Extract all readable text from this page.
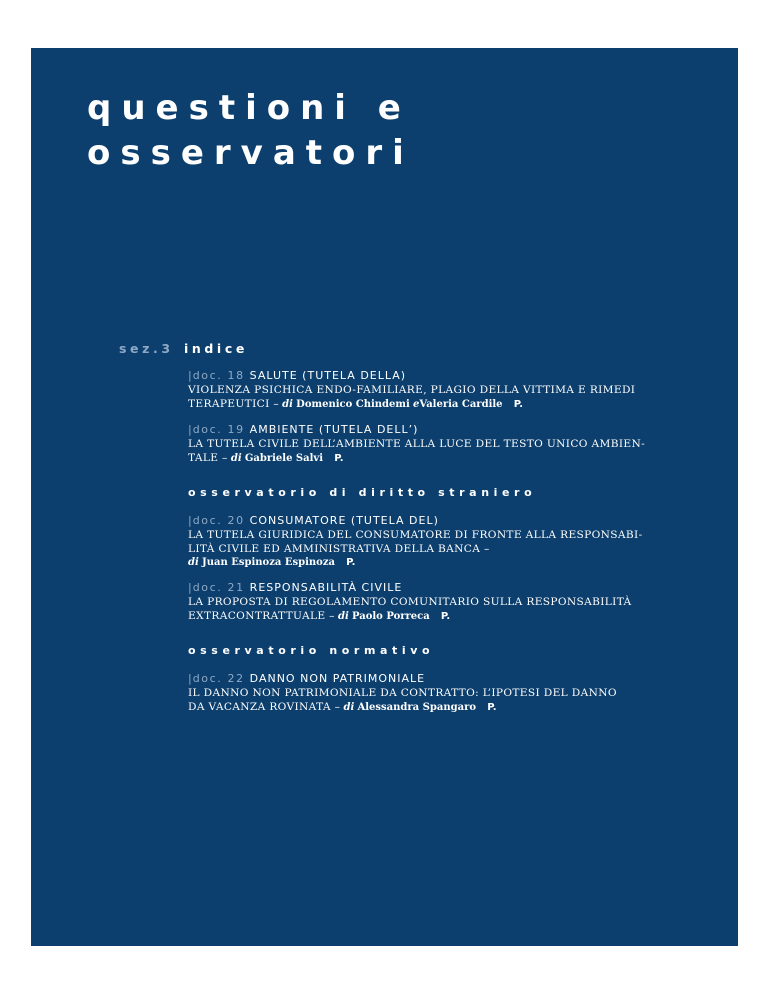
questioni e
osservatori
sez.3 indice
|doc. 18 SALUTE (TUTELA DELLA)

VIOLENZA PSICHICA ENDO-FAMILIARE, PLAGIO DELLA VITTIMA E RIMEDI

TERAPEUTICI – di Domenico Chindemi eValeria Cardile P.

|doc. 19 AMBIENTE (TUTELA DELL’)

LA TUTELA CIVILE DELL’AMBIENTE ALLA LUCE DEL TESTO UNICO AMBIEN-

TALE – di Gabriele Salvi P.

osservatorio di diritto straniero

|doc. 20 CONSUMATORE (TUTELA DEL)

LA TUTELA GIURIDICA DEL CONSUMATORE DI FRONTE ALLA RESPONSABI-

LITÀ CIVILE ED AMMINISTRATIVA DELLA BANCA –

di Juan Espinoza Espinoza P.

|doc. 21 RESPONSABILITÀ CIVILE

LA PROPOSTA DI REGOLAMENTO COMUNITARIO SULLA RESPONSABILITÀ

EXTRACONTRATTUALE – di Paolo Porreca P.

osservatorio normativo

|doc. 22 DANNO NON PATRIMONIALE

IL DANNO NON PATRIMONIALE DA CONTRATTO: L’IPOTESI DEL DANNO

DA VACANZA ROVINATA – di Alessandra Spangaro P.
